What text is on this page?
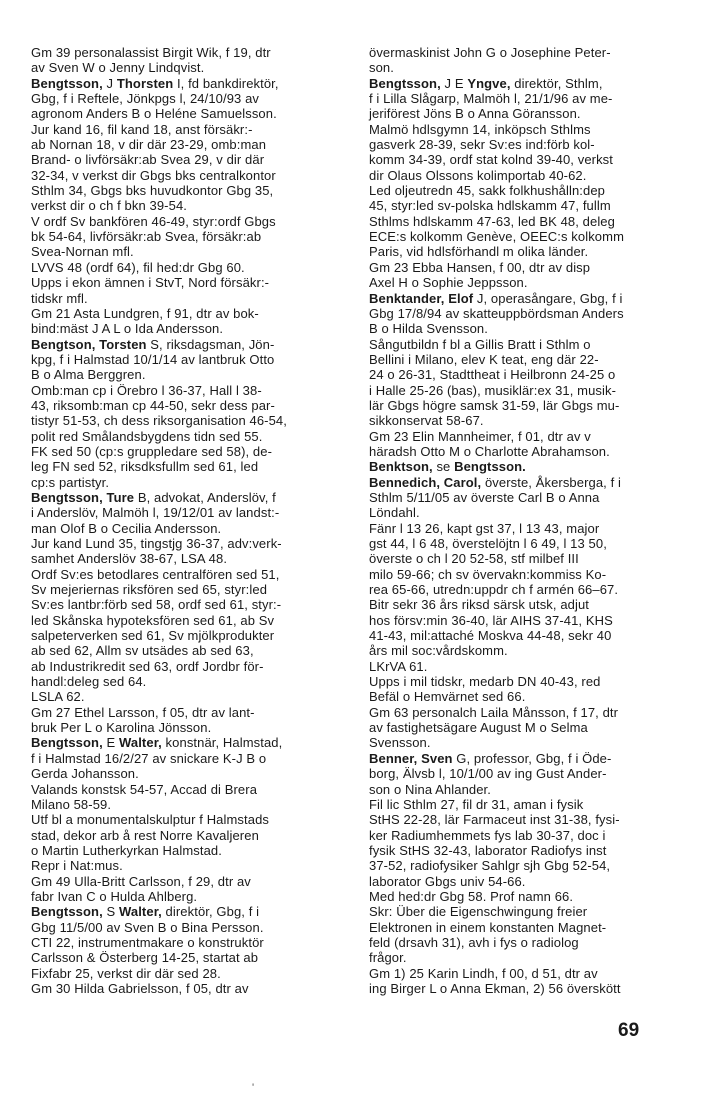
Gm 39 personalassist Birgit Wik, f 19, dtr
av Sven W o Jenny Lindqvist.
Bengtsson, J Thorsten I, fd bankdirektör,
Gbg, f i Reftele, Jönkpgs l, 24/10/93 av
agronom Anders B o Heléne Samuelsson.
Jur kand 16, fil kand 18, anst försäkr:-
ab Nornan 18, v dir där 23-29, omb:man
Brand- o livförsäkr:ab Svea 29, v dir där
32-34, v verkst dir Gbgs bks centralkontor
Sthlm 34, Gbgs bks huvudkontor Gbg 35,
verkst dir o ch f bkn 39-54.
V ordf Sv bankfören 46-49, styr:ordf Gbgs
bk 54-64, livförsäkr:ab Svea, försäkr:ab
Svea-Nornan mfl.
LVVS 48 (ordf 64), fil hed:dr Gbg 60.
Upps i ekon ämnen i StvT, Nord försäkr:-
tidskr mfl.
Gm 21 Asta Lundgren, f 91, dtr av bok-
bind:mäst J A L o Ida Andersson.
Bengtson, Torsten S, riksdagsman, Jön-
kpg, f i Halmstad 10/1/14 av lantbruk Otto
B o Alma Berggren.
Omb:man cp i Örebro l 36-37, Hall l 38-
43, riksomb:man cp 44-50, sekr dess par-
tistyr 51-53, ch dess riksorganisation 46-54,
polit red Smålandsbygdens tidn sed 55.
FK sed 50 (cp:s gruppledare sed 58), de-
leg FN sed 52, riksdksfullm sed 61, led
cp:s partistyr.
Bengtsson, Ture B, advokat, Anderslöv, f
i Anderslöv, Malmöh l, 19/12/01 av landst:-
man Olof B o Cecilia Andersson.
Jur kand Lund 35, tingstjg 36-37, adv:verk-
samhet Anderslöv 38-67, LSA 48.
Ordf Sv:es betodlares centralfören sed 51,
Sv mejeriernas riksfören sed 65, styr:led
Sv:es lantbr:förb sed 58, ordf sed 61, styr:-
led Skånska hypoteksfören sed 61, ab Sv
salpeterverken sed 61, Sv mjölkprodukter
ab sed 62, Allm sv utsädes ab sed 63,
ab Industrikredit sed 63, ordf Jordbr för-
handl:deleg sed 64.
LSLA 62.
Gm 27 Ethel Larsson, f 05, dtr av lant-
bruk Per L o Karolina Jönsson.
Bengtsson, E Walter, konstnär, Halmstad,
f i Halmstad 16/2/27 av snickare K-J B o
Gerda Johansson.
Valands konstsk 54-57, Accad di Brera
Milano 58-59.
Utf bl a monumentalskulptur f Halmstads
stad, dekor arb å rest Norre Kavaljeren
o Martin Lutherkyrkan Halmstad.
Repr i Nat:mus.
Gm 49 Ulla-Britt Carlsson, f 29, dtr av
fabr Ivan C o Hulda Ahlberg.
Bengtsson, S Walter, direktör, Gbg, f i
Gbg 11/5/00 av Sven B o Bina Persson.
CTI 22, instrumentmakare o konstruktör
Carlsson & Österberg 14-25, startat ab
Fixfabr 25, verkst dir där sed 28.
Gm 30 Hilda Gabrielsson, f 05, dtr av
övermaskinist John G o Josephine Peter-
son.
Bengtsson, J E Yngve, direktör, Sthlm,
f i Lilla Slågarp, Malmöh l, 21/1/96 av me-
jeriförest Jöns B o Anna Göransson.
Malmö hdlsgymn 14, inköpsch Sthlms
gasverk 28-39, sekr Sv:es ind:förb kol-
komm 34-39, ordf stat kolnd 39-40, verkst
dir Olaus Olssons kolimportab 40-62.
Led oljeutredn 45, sakk folkhushålln:dep
45, styr:led sv-polska hdlskamm 47, fullm
Sthlms hdlskamm 47-63, led BK 48, deleg
ECE:s kolkomm Genève, OEEC:s kolkomm
Paris, vid hdlsförhandl m olika länder.
Gm 23 Ebba Hansen, f 00, dtr av disp
Axel H o Sophie Jeppsson.
Benktander, Elof J, operasångare, Gbg, f i
Gbg 17/8/94 av skatteuppbördsman Anders
B o Hilda Svensson.
Sångutbildn f bl a Gillis Bratt i Sthlm o
Bellini i Milano, elev K teat, eng där 22-
24 o 26-31, Stadttheat i Heilbronn 24-25 o
i Halle 25-26 (bas), musiklär:ex 31, musik-
lär Gbgs högre samsk 31-59, lär Gbgs mu-
sikkonservat 58-67.
Gm 23 Elin Mannheimer, f 01, dtr av v
häradsh Otto M o Charlotte Abrahamson.
Benktson, se Bengtsson.
Bennedich, Carol, överste, Åkersberga, f i
Sthlm 5/11/05 av överste Carl B o Anna
Löndahl.
Fänr l 13 26, kapt gst 37, l 13 43, major
gst 44, l 6 48, överstelöjtn l 6 49, l 13 50,
överste o ch l 20 52-58, stf milbef III
milo 59-66; ch sv övervakn:kommiss Ko-
rea 65-66, utredn:uppdr ch f armén 66–67.
Bitr sekr 36 års riksd särsk utsk, adjut
hos försv:min 36-40, lär AIHS 37-41, KHS
41-43, mil:attaché Moskva 44-48, sekr 40
års mil soc:vårdskomm.
LKrVA 61.
Upps i mil tidskr, medarb DN 40-43, red
Befäl o Hemvärnet sed 66.
Gm 63 personalch Laila Månsson, f 17, dtr
av fastighetsägare August M o Selma
Svensson.
Benner, Sven G, professor, Gbg, f i Öde-
borg, Älvsb l, 10/1/00 av ing Gust Ander-
son o Nina Ahlander.
Fil lic Sthlm 27, fil dr 31, aman i fysik
StHS 22-28, lär Farmaceut inst 31-38, fysi-
ker Radiumhemmets fys lab 30-37, doc i
fysik StHS 32-43, laborator Radiofys inst
37-52, radiofysiker Sahlgr sjh Gbg 52-54,
laborator Gbgs univ 54-66.
Med hed:dr Gbg 58. Prof namn 66.
Skr: Über die Eigenschwingung freier
Elektronen in einem konstanten Magnet-
feld (drsavh 31), avh i fys o radiolog
frågor.
Gm 1) 25 Karin Lindh, f 00, d 51, dtr av
ing Birger L o Anna Ekman, 2) 56 överskött
69
'
